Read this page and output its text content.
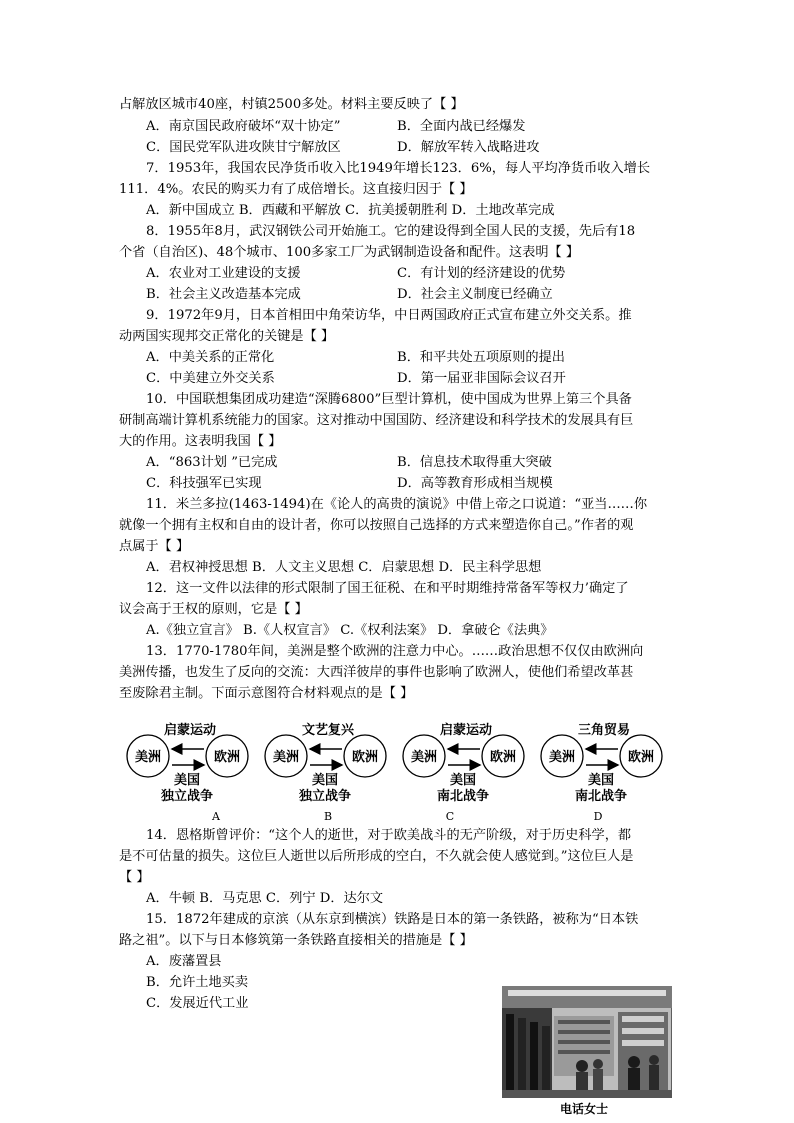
占解放区城市40座，村镇2500多处。材料主要反映了【 】
A．南京国民政府破坏“双十协定”	B．全面内战已经爆发
C．国民党军队进攻陕甘宁解放区	D．解放军转入战略进攻
7．1953年，我国农民净货币收入比1949年增长123．6%，每人平均净货币收入增长
111．4%。农民的购买力有了成倍增长。这直接归因于【 】
A．新中国成立 B．西藏和平解放 C．抗美援朝胜利 D．土地改革完成
8．1955年8月，武汉钢铁公司开始施工。它的建设得到全国人民的支援，先后有18
个省（自治区)、48个城市、100多家工厂为武钢制造设备和配件。这表明【 】
A．农业对工业建设的支援	C．有计划的经济建设的优势
B．社会主义改造基本完成	D．社会主义制度已经确立
9．1972年9月，日本首相田中角荣访华，中日两国政府正式宣布建立外交关系。推
动两国实现邦交正常化的关键是【 】
A．中美关系的正常化	B．和平共处五项原则的提出
C．中美建立外交关系	D．第一届亚非国际会议召开
10．中国联想集团成功建造“深腾6800”巨型计算机，使中国成为世界上第三个具备
研制高端计算机系统能力的国家。这对推动中国国防、经济建设和科学技术的发展具有巨
大的作用。这表明我国【 】
A．“863计划 ”已完成	B．信息技术取得重大突破
C．科技强军已实现	D．高等教育形成相当规模
11．米兰多拉(1463-1494)在《论人的高贵的演说》中借上帝之口说道：“亚当……你
就像一个拥有主权和自由的设计者，你可以按照自己选择的方式来塑造你自己。”作者的观
点属于【 】
A．君权神授思想 B．人文主义思想 C．启蒙思想 D．民主科学思想
12．这一文件以法律的形式限制了国王征税、在和平时期维持常备军等权力’确定了
议会高于王权的原则，它是【 】
A.《独立宣言》 B.《人权宣言》 C.《权利法案》 D．拿破仑《法典》
13．1770-1780年间，美洲是整个欧洲的注意力中心。……政治思想不仅仅由欧洲向
美洲传播，也发生了反向的交流：大西洋彼岸的事件也影响了欧洲人，使他们希望改革甚
至废除君主制。下面示意图符合材料观点的是【 】
启蒙运动
美洲	欧洲
美国
独立战争
A
文艺复兴
美洲	欧洲
美国
独立战争
B
启蒙运动
美洲	欧洲
美国
南北战争
C
三角贸易
美洲	欧洲
美国
南北战争
D
14．恩格斯曾评价：“这个人的逝世，对于欧美战斗的无产阶级，对于历史科学，都
是不可估量的损失。这位巨人逝世以后所形成的空白，不久就会使人感觉到。”这位巨人是
【 】
A．牛顿 B．马克思 C．列宁 D．达尔文
15．1872年建成的京滨（从东京到横滨）铁路是日本的第一条铁路，被称为“日本铁
路之祖”。以下与日本修筑第一条铁路直接相关的措施是【 】
A．废藩置县
B．允许土地买卖
C．发展近代工业
电话女士
